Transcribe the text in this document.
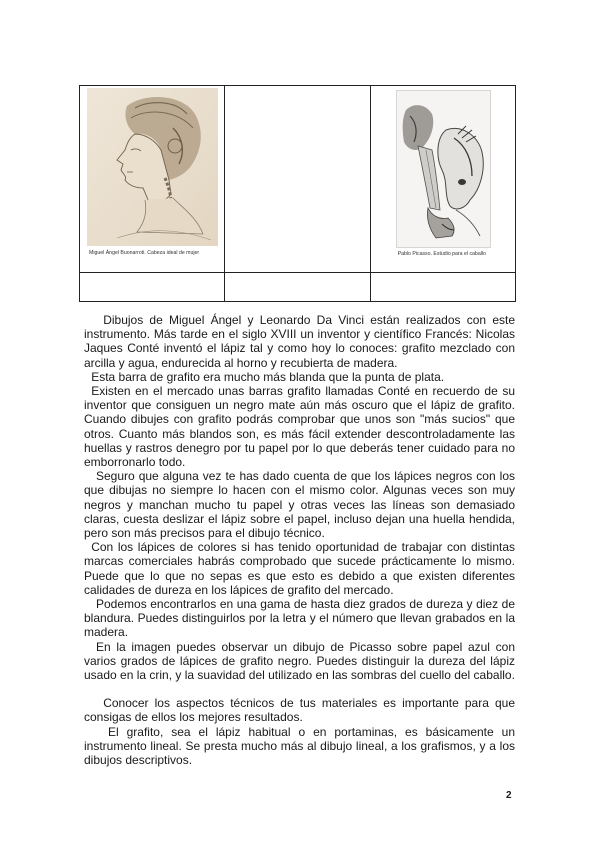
Miguel Ángel Buonarroti. Cabeza ideal de mujer		Pablo Picasso. Estudio para el caballo

Dibujos de Miguel Ángel y Leonardo Da Vinci están realizados con este instrumento. Más tarde en el siglo XVIII un inventor y científico Francés: Nicolas Jaques Conté inventó el lápiz tal y como hoy lo conoces: grafito mezclado con arcilla y agua, endurecida al horno y recubierta de madera.

Esta barra de grafito era mucho más blanda que la punta de plata.

Existen en el mercado unas barras grafito llamadas Conté en recuerdo de su inventor que consiguen un negro mate aún más oscuro que el lápiz de grafito. Cuando dibujes con grafito podrás comprobar que unos son "más sucios" que otros. Cuanto más blandos son, es más fácil extender descontroladamente las huellas y rastros denegro por tu papel por lo que deberás tener cuidado para no emborronarlo todo.

Seguro que alguna vez te has dado cuenta de que los lápices negros con los que dibujas no siempre lo hacen con el mismo color. Algunas veces son muy negros y manchan mucho tu papel y otras veces las líneas son demasiado claras, cuesta deslizar el lápiz sobre el papel, incluso dejan una huella hendida, pero son más precisos para el dibujo técnico.

Con los lápices de colores si has tenido oportunidad de trabajar con distintas marcas comerciales habrás comprobado que sucede prácticamente lo mismo. Puede que lo que no sepas es que esto es debido a que existen diferentes calidades de dureza en los lápices de grafito del mercado.

Podemos encontrarlos en una gama de hasta diez grados de dureza y diez de blandura. Puedes distinguirlos por la letra y el número que llevan grabados en la madera.

En la imagen puedes observar un dibujo de Picasso sobre papel azul con varios grados de lápices de grafito negro. Puedes distinguir la dureza del lápiz usado en la crin, y la suavidad del utilizado en las sombras del cuello del caballo.

Conocer los aspectos técnicos de tus materiales es importante para que consigas de ellos los mejores resultados.

El grafito, sea el lápiz habitual o en portaminas, es básicamente un instrumento lineal. Se presta mucho más al dibujo lineal, a los grafismos, y a los dibujos descriptivos.

2
